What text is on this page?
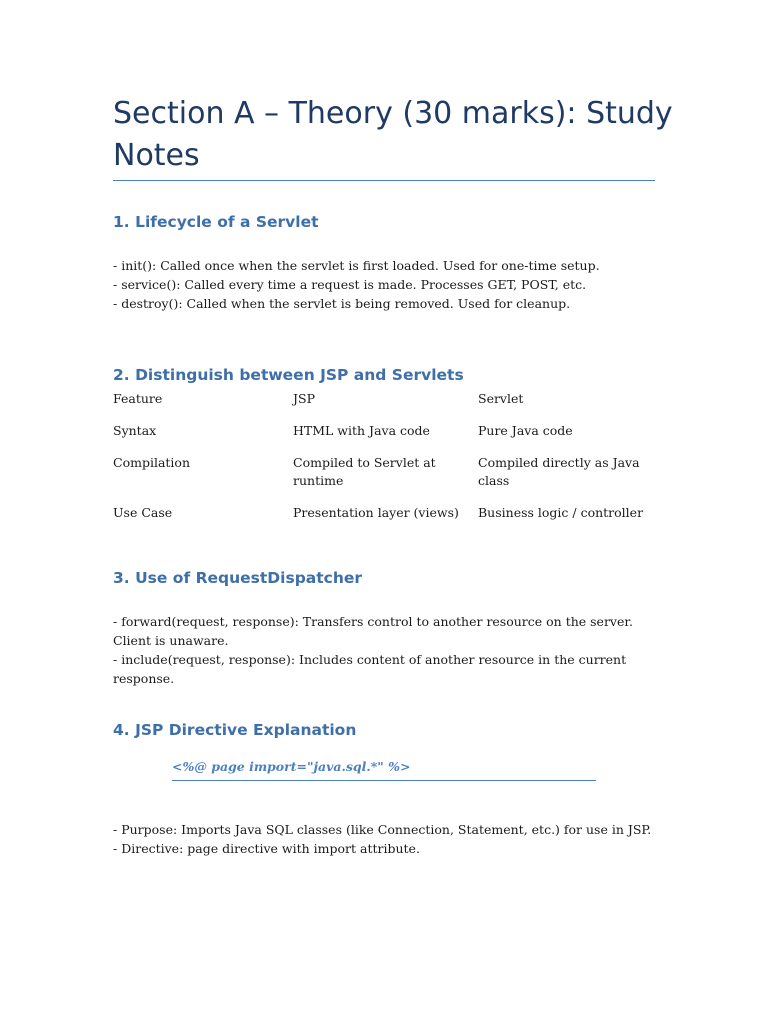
Section A – Theory (30 marks): Study Notes
1. Lifecycle of a Servlet

- init(): Called once when the servlet is first loaded. Used for one-time setup.

- service(): Called every time a request is made. Processes GET, POST, etc.

- destroy(): Called when the servlet is being removed. Used for cleanup.

2. Distinguish between JSP and Servlets
Feature	JSP	Servlet
Syntax	HTML with Java code	Pure Java code
Compilation	Compiled to Servlet at runtime	Compiled directly as Java class
Use Case	Presentation layer (views)	Business logic / controller
3. Use of RequestDispatcher

- forward(request, response): Transfers control to another resource on the server. Client is unaware.

- include(request, response): Includes content of another resource in the current response.

4. JSP Directive Explanation

<%@ page import="java.sql.*" %>

- Purpose: Imports Java SQL classes (like Connection, Statement, etc.) for use in JSP.

- Directive: page directive with import attribute.
